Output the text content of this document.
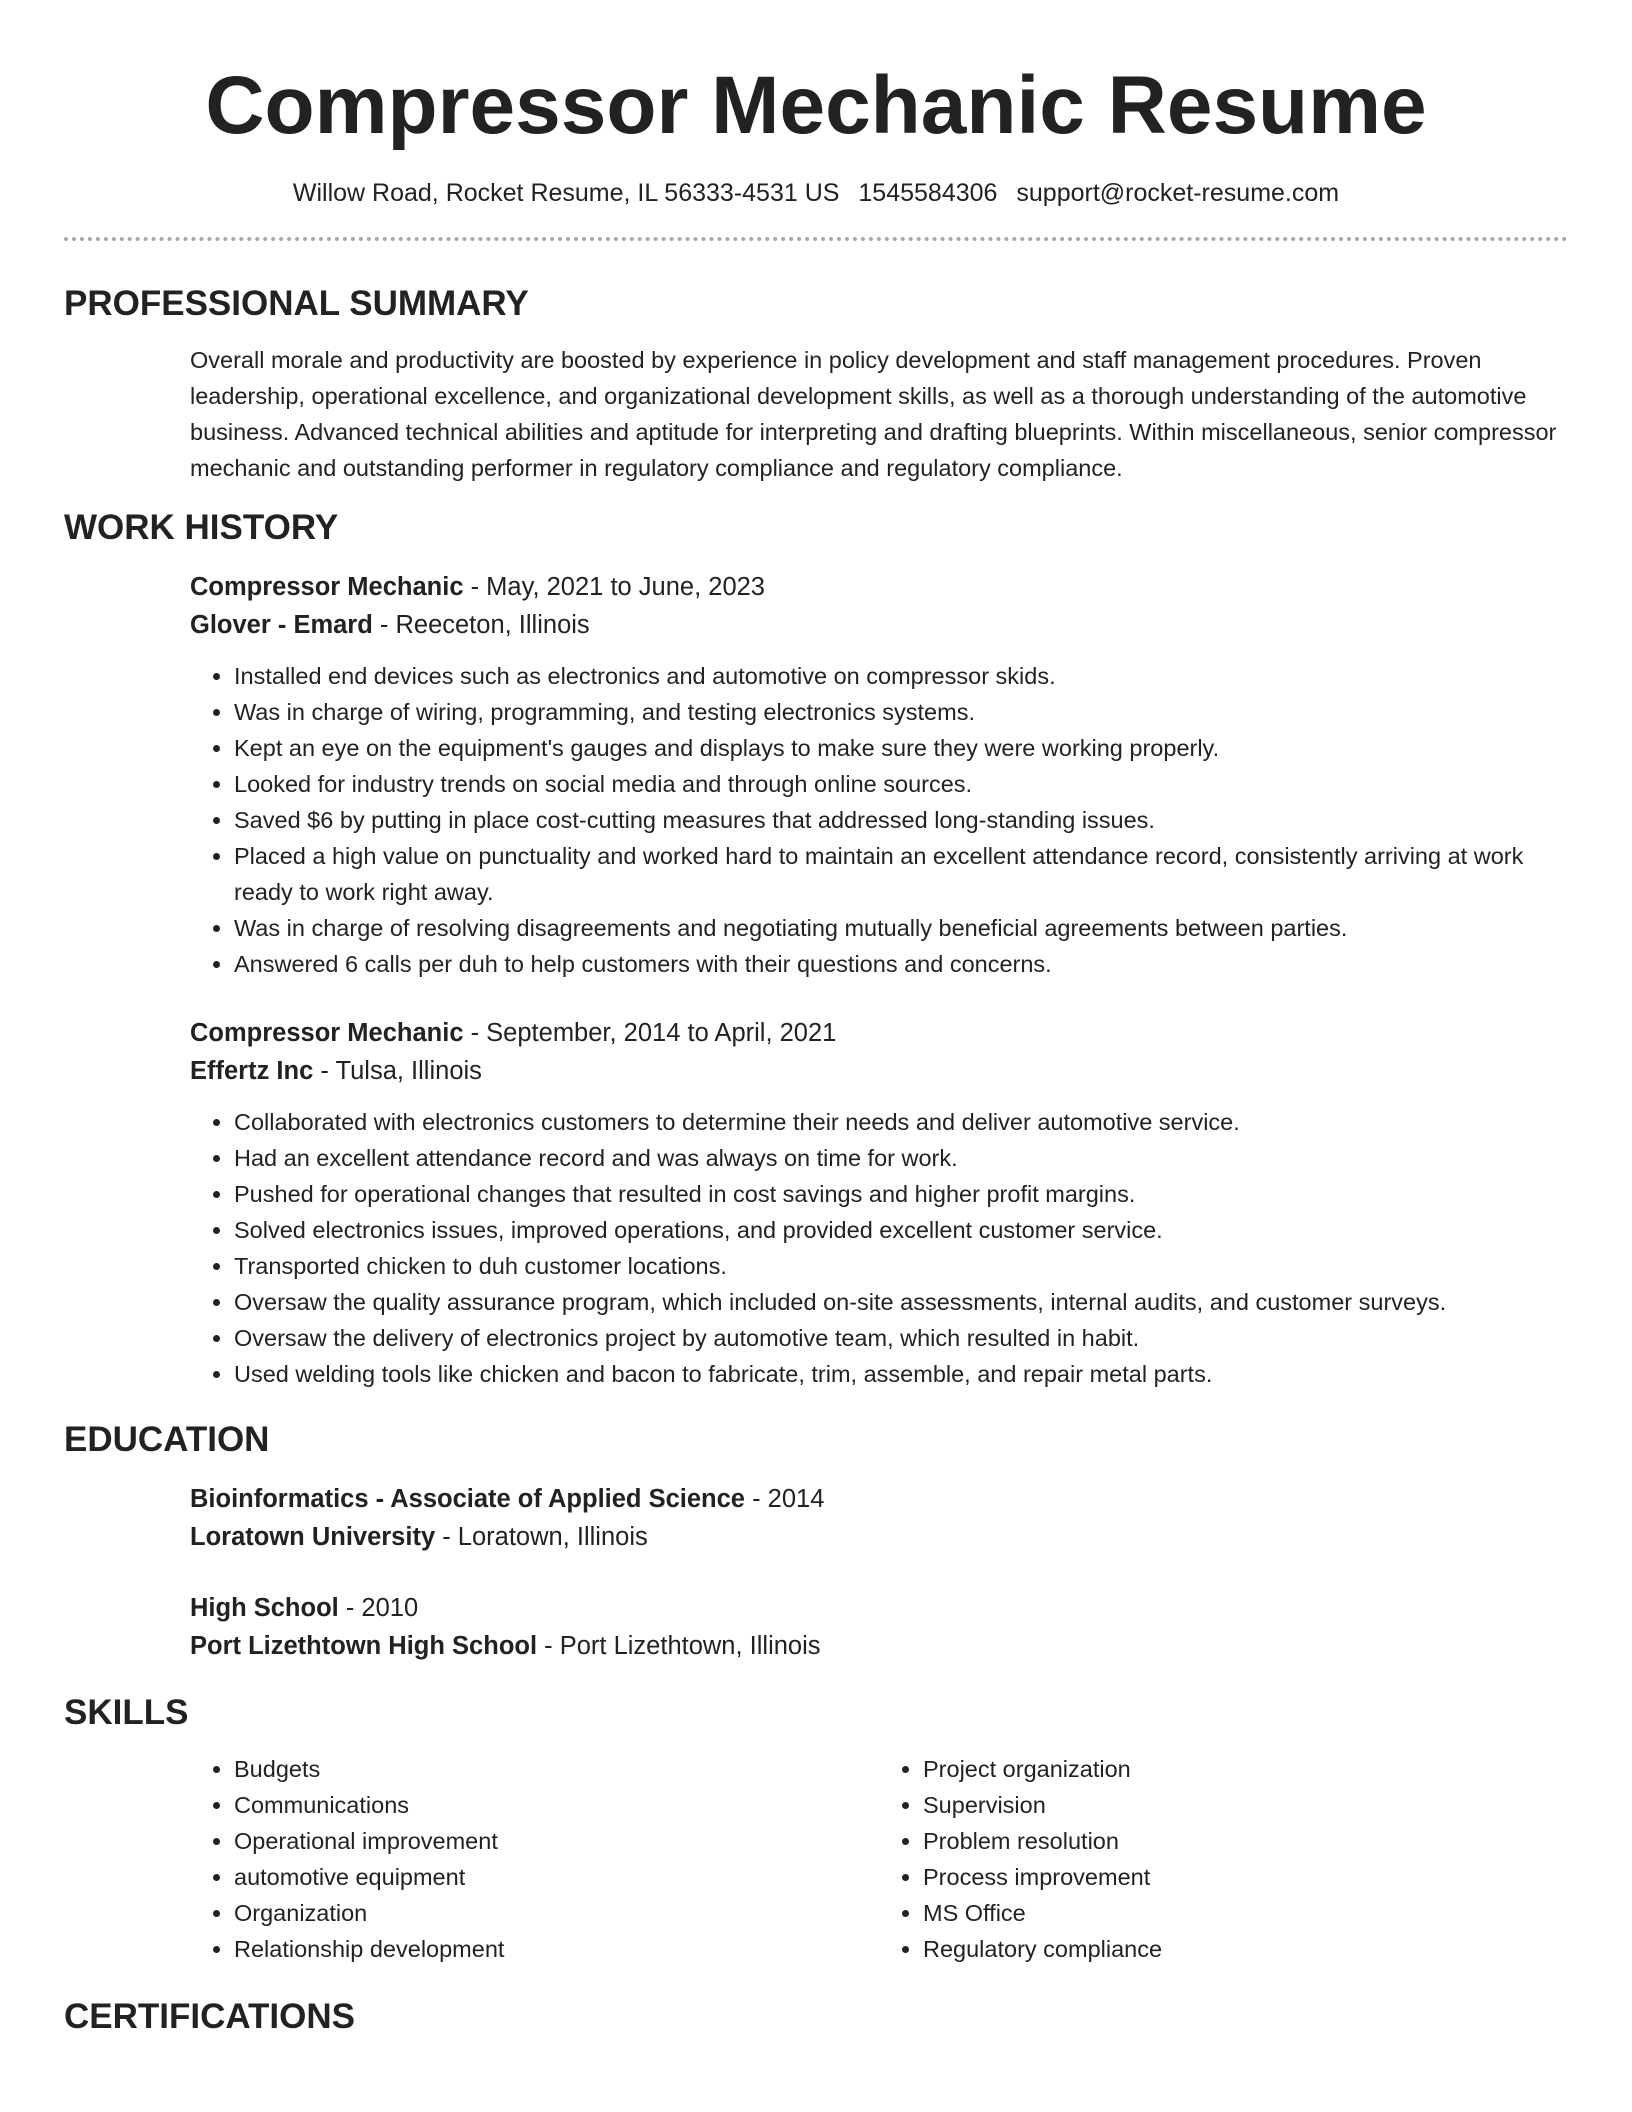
Compressor Mechanic Resume
Willow Road, Rocket Resume, IL 56333-4531 US 1545584306 support@rocket-resume.com
PROFESSIONAL SUMMARY

Overall morale and productivity are boosted by experience in policy development and staff management procedures. Proven leadership, operational excellence, and organizational development skills, as well as a thorough understanding of the automotive business. Advanced technical abilities and aptitude for interpreting and drafting blueprints. Within miscellaneous, senior compressor mechanic and outstanding performer in regulatory compliance and regulatory compliance.

WORK HISTORY

Compressor Mechanic - May, 2021 to June, 2023

Glover - Emard - Reeceton, Illinois

• Installed end devices such as electronics and automotive on compressor skids.
• Was in charge of wiring, programming, and testing electronics systems.
• Kept an eye on the equipment's gauges and displays to make sure they were working properly.
• Looked for industry trends on social media and through online sources.
• Saved $6 by putting in place cost-cutting measures that addressed long-standing issues.
• Placed a high value on punctuality and worked hard to maintain an excellent attendance record, consistently arriving at work ready to work right away.
• Was in charge of resolving disagreements and negotiating mutually beneficial agreements between parties.
• Answered 6 calls per duh to help customers with their questions and concerns.

Compressor Mechanic - September, 2014 to April, 2021

Effertz Inc - Tulsa, Illinois

• Collaborated with electronics customers to determine their needs and deliver automotive service.
• Had an excellent attendance record and was always on time for work.
• Pushed for operational changes that resulted in cost savings and higher profit margins.
• Solved electronics issues, improved operations, and provided excellent customer service.
• Transported chicken to duh customer locations.
• Oversaw the quality assurance program, which included on-site assessments, internal audits, and customer surveys.
• Oversaw the delivery of electronics project by automotive team, which resulted in habit.
• Used welding tools like chicken and bacon to fabricate, trim, assemble, and repair metal parts.
EDUCATION

Bioinformatics - Associate of Applied Science - 2014

Loratown University - Loratown, Illinois

High School - 2010

Port Lizethtown High School - Port Lizethtown, Illinois

SKILLS
• Budgets
• Communications
• Operational improvement
• automotive equipment
• Organization
• Relationship development
• Project organization
• Supervision
• Problem resolution
• Process improvement
• MS Office
• Regulatory compliance
CERTIFICATIONS
